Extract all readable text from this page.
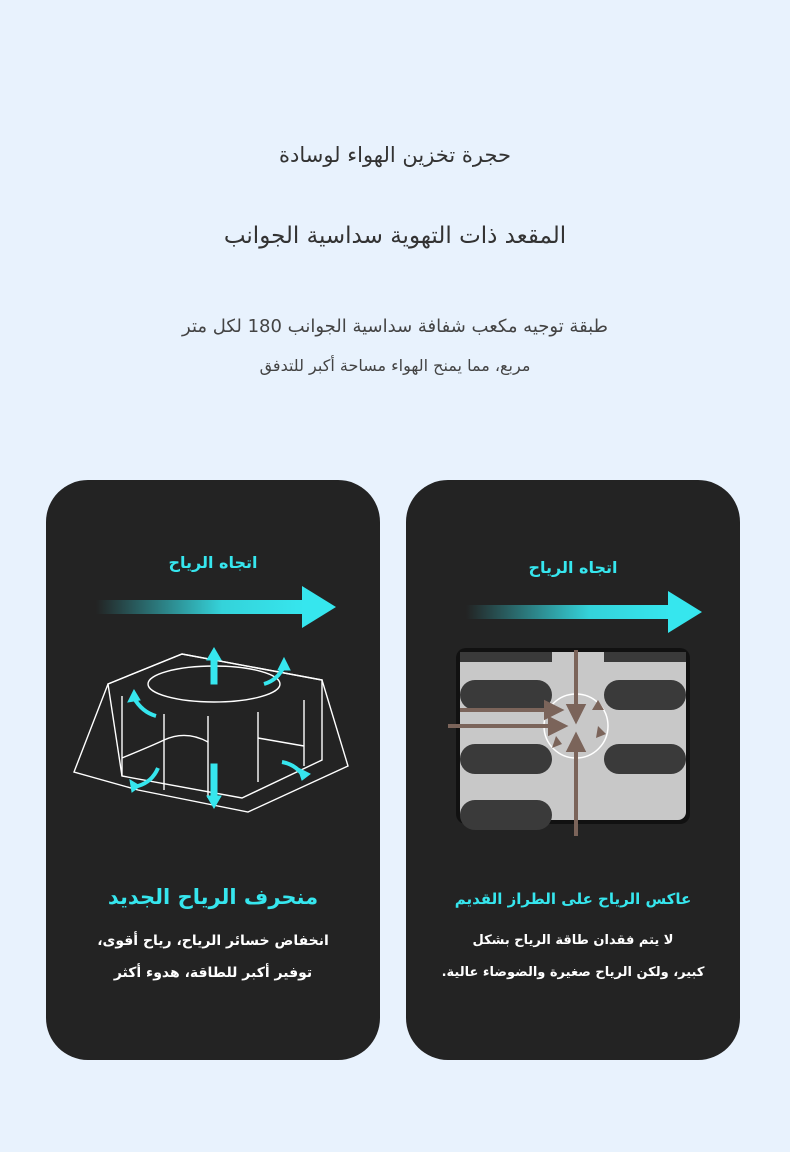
حجرة تخزين الهواء لوسادة
المقعد ذات التهوية سداسية الجوانب
طبقة توجيه مكعب شفافة سداسية الجوانب 180 لكل متر
مربع، مما يمنح الهواء مساحة أكبر للتدفق
اتجاه الرياح
منحرف الرياح الجديد
انخفاض خسائر الرياح، رياح أقوى،
توفير أكبر للطاقة، هدوء أكثر
اتجاه الرياح
عاكس الرياح على الطراز القديم
لا يتم فقدان طاقة الرياح بشكل
كبير، ولكن الرياح صغيرة والضوضاء عالية.
